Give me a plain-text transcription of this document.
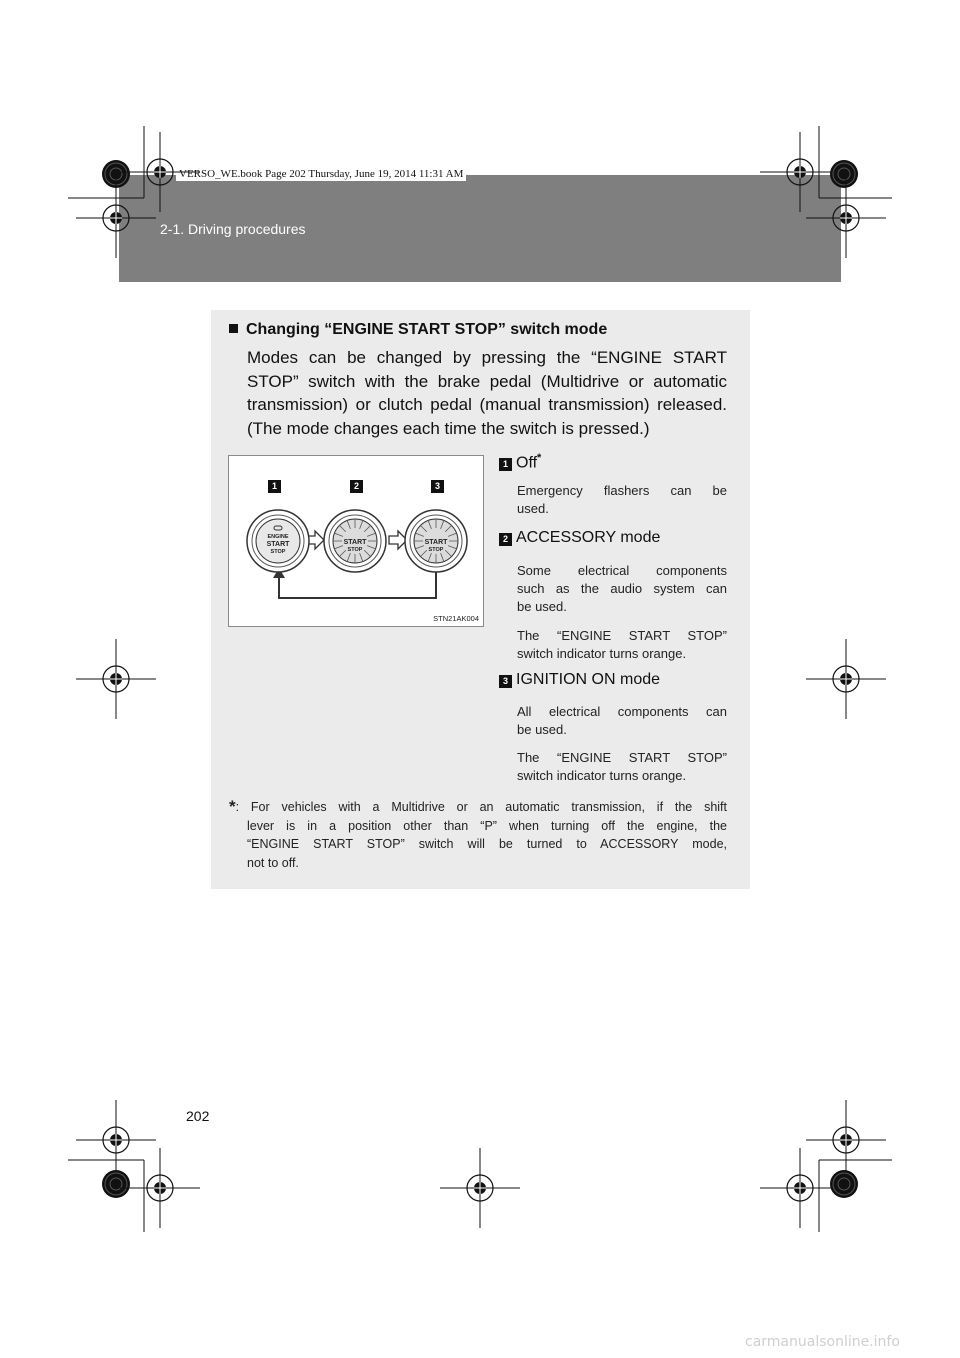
2-1. Driving procedures
VERSO_WE.book Page 202 Thursday, June 19, 2014 11:31 AM
Changing “ENGINE START STOP” switch mode
Modes can be changed by pressing the “ENGINE START
STOP” switch with the brake pedal (Multidrive or automatic
transmission) or clutch pedal (manual transmission) released.
(The mode changes each time the switch is pressed.)
1	2	3
ENGINE
START
STOP
START
STOP
START
STOP
STN21AK004
1 Off*
Emergency flashers can be
used.
2 ACCESSORY mode
Some electrical components
such as the audio system can
be used.
The “ENGINE START STOP”
switch indicator turns orange.
3 IGNITION ON mode
All electrical components can
be used.
The “ENGINE START STOP”
switch indicator turns orange.
*: For vehicles with a Multidrive or an automatic transmission, if the shift
lever is in a position other than “P” when turning off the engine, the
“ENGINE START STOP” switch will be turned to ACCESSORY mode,
not to off.
202
carmanualsonline.info
